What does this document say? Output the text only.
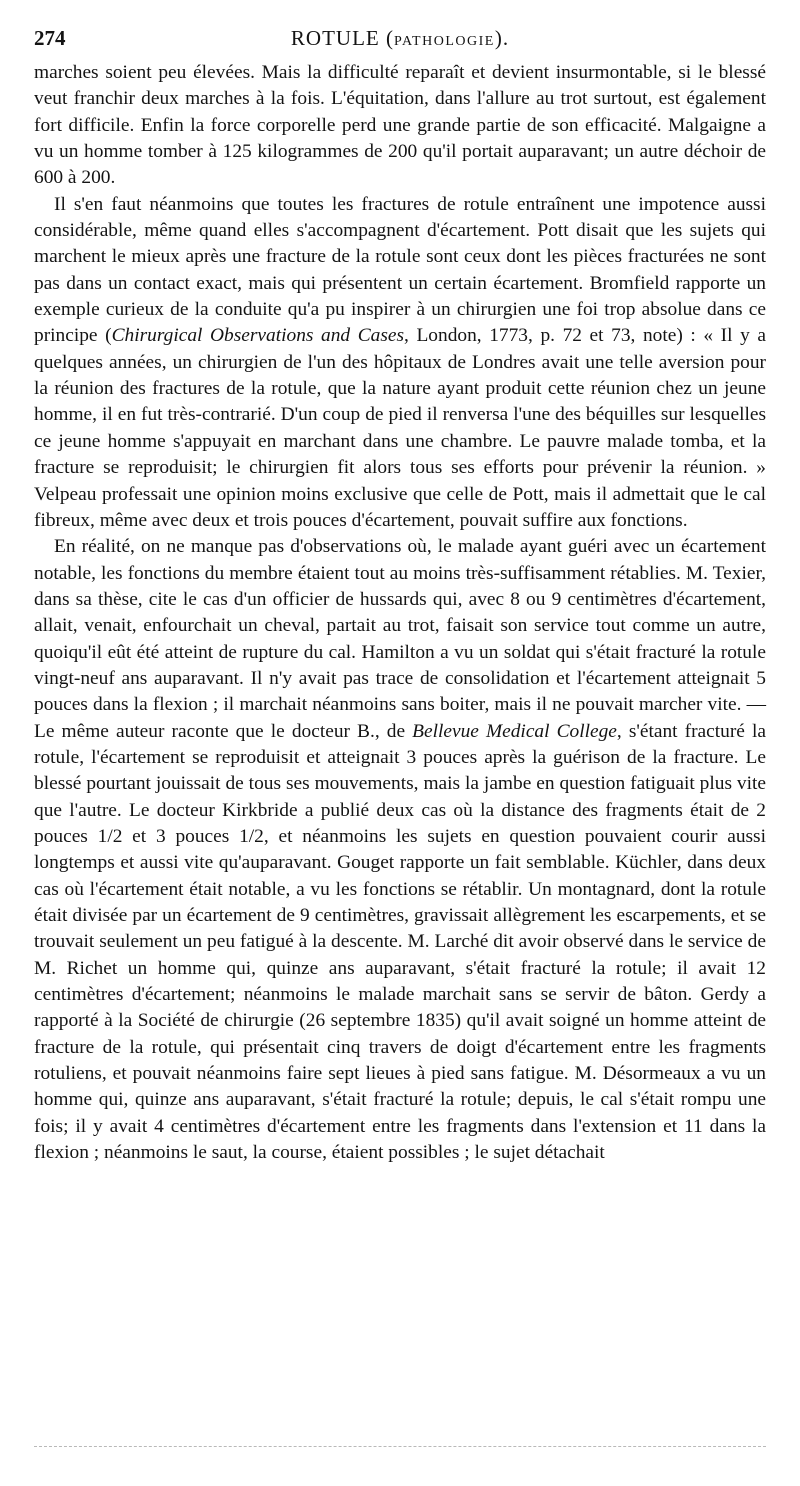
274	ROTULE (PATHOLOGIE).

marches soient peu élevées. Mais la difficulté reparaît et devient insurmontable, si le blessé veut franchir deux marches à la fois. L'équitation, dans l'allure au trot surtout, est également fort difficile. Enfin la force corporelle perd une grande partie de son efficacité. Malgaigne a vu un homme tomber à 125 kilogrammes de 200 qu'il portait auparavant; un autre déchoir de 600 à 200.

Il s'en faut néanmoins que toutes les fractures de rotule entraînent une impotence aussi considérable, même quand elles s'accompagnent d'écartement. Pott disait que les sujets qui marchent le mieux après une fracture de la rotule sont ceux dont les pièces fracturées ne sont pas dans un contact exact, mais qui présentent un certain écartement. Bromfield rapporte un exemple curieux de la conduite qu'a pu inspirer à un chirurgien une foi trop absolue dans ce principe (Chirurgical Observations and Cases, London, 1773, p. 72 et 73, note) : « Il y a quelques années, un chirurgien de l'un des hôpitaux de Londres avait une telle aversion pour la réunion des fractures de la rotule, que la nature ayant produit cette réunion chez un jeune homme, il en fut très-contrarié. D'un coup de pied il renversa l'une des béquilles sur lesquelles ce jeune homme s'appuyait en marchant dans une chambre. Le pauvre malade tomba, et la fracture se reproduisit; le chirurgien fit alors tous ses efforts pour prévenir la réunion. » Velpeau professait une opinion moins exclusive que celle de Pott, mais il admettait que le cal fibreux, même avec deux et trois pouces d'écartement, pouvait suffire aux fonctions.

En réalité, on ne manque pas d'observations où, le malade ayant guéri avec un écartement notable, les fonctions du membre étaient tout au moins très-suffisamment rétablies. M. Texier, dans sa thèse, cite le cas d'un officier de hussards qui, avec 8 ou 9 centimètres d'écartement, allait, venait, enfourchait un cheval, partait au trot, faisait son service tout comme un autre, quoiqu'il eût été atteint de rupture du cal. Hamilton a vu un soldat qui s'était fracturé la rotule vingt-neuf ans auparavant. Il n'y avait pas trace de consolidation et l'écartement atteignait 5 pouces dans la flexion ; il marchait néanmoins sans boiter, mais il ne pouvait marcher vite. — Le même auteur raconte que le docteur B., de Bellevue Medical College, s'étant fracturé la rotule, l'écartement se reproduisit et atteignait 3 pouces après la guérison de la fracture. Le blessé pourtant jouissait de tous ses mouvements, mais la jambe en question fatiguait plus vite que l'autre. Le docteur Kirkbride a publié deux cas où la distance des fragments était de 2 pouces 1/2 et 3 pouces 1/2, et néanmoins les sujets en question pouvaient courir aussi longtemps et aussi vite qu'auparavant. Gouget rapporte un fait semblable. Küchler, dans deux cas où l'écartement était notable, a vu les fonctions se rétablir. Un montagnard, dont la rotule était divisée par un écartement de 9 centimètres, gravissait allègrement les escarpements, et se trouvait seulement un peu fatigué à la descente. M. Larché dit avoir observé dans le service de M. Richet un homme qui, quinze ans auparavant, s'était fracturé la rotule; il avait 12 centimètres d'écartement; néanmoins le malade marchait sans se servir de bâton. Gerdy a rapporté à la Société de chirurgie (26 septembre 1835) qu'il avait soigné un homme atteint de fracture de la rotule, qui présentait cinq travers de doigt d'écartement entre les fragments rotuliens, et pouvait néanmoins faire sept lieues à pied sans fatigue. M. Désormeaux a vu un homme qui, quinze ans auparavant, s'était fracturé la rotule; depuis, le cal s'était rompu une fois; il y avait 4 centimètres d'écartement entre les fragments dans l'extension et 11 dans la flexion ; néanmoins le saut, la course, étaient possibles ; le sujet détachait
